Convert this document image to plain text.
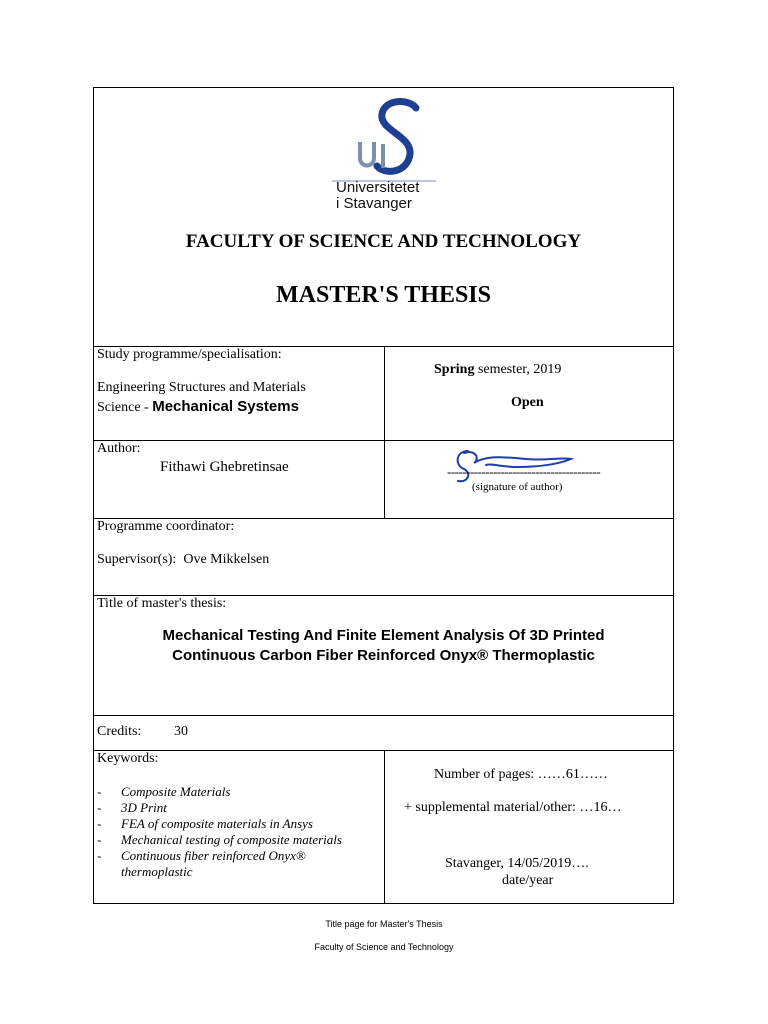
Universitetet
i Stavanger
FACULTY OF SCIENCE AND TECHNOLOGY
MASTER'S THESIS
Study programme/specialisation:
Engineering Structures and Materials
Science - Mechanical Systems
Spring semester, 2019
Open
Author:
Fithawi Ghebretinsae	----------------------------------------
(signature of author)
Programme coordinator:
Supervisor(s): Ove Mikkelsen
Title of master's thesis:
Mechanical Testing And Finite Element Analysis Of 3D Printed
Continuous Carbon Fiber Reinforced Onyx® Thermoplastic
Credits: 30
Keywords:
- Composite Materials
- 3D Print
- FEA of composite materials in Ansys
- Mechanical testing of composite materials
- Continuous fiber reinforced Onyx®
thermoplastic
Number of pages: ……61……
+ supplemental material/other: …16…
Stavanger, 14/05/2019….
date/year
Title page for Master's Thesis
Faculty of Science and Technology
